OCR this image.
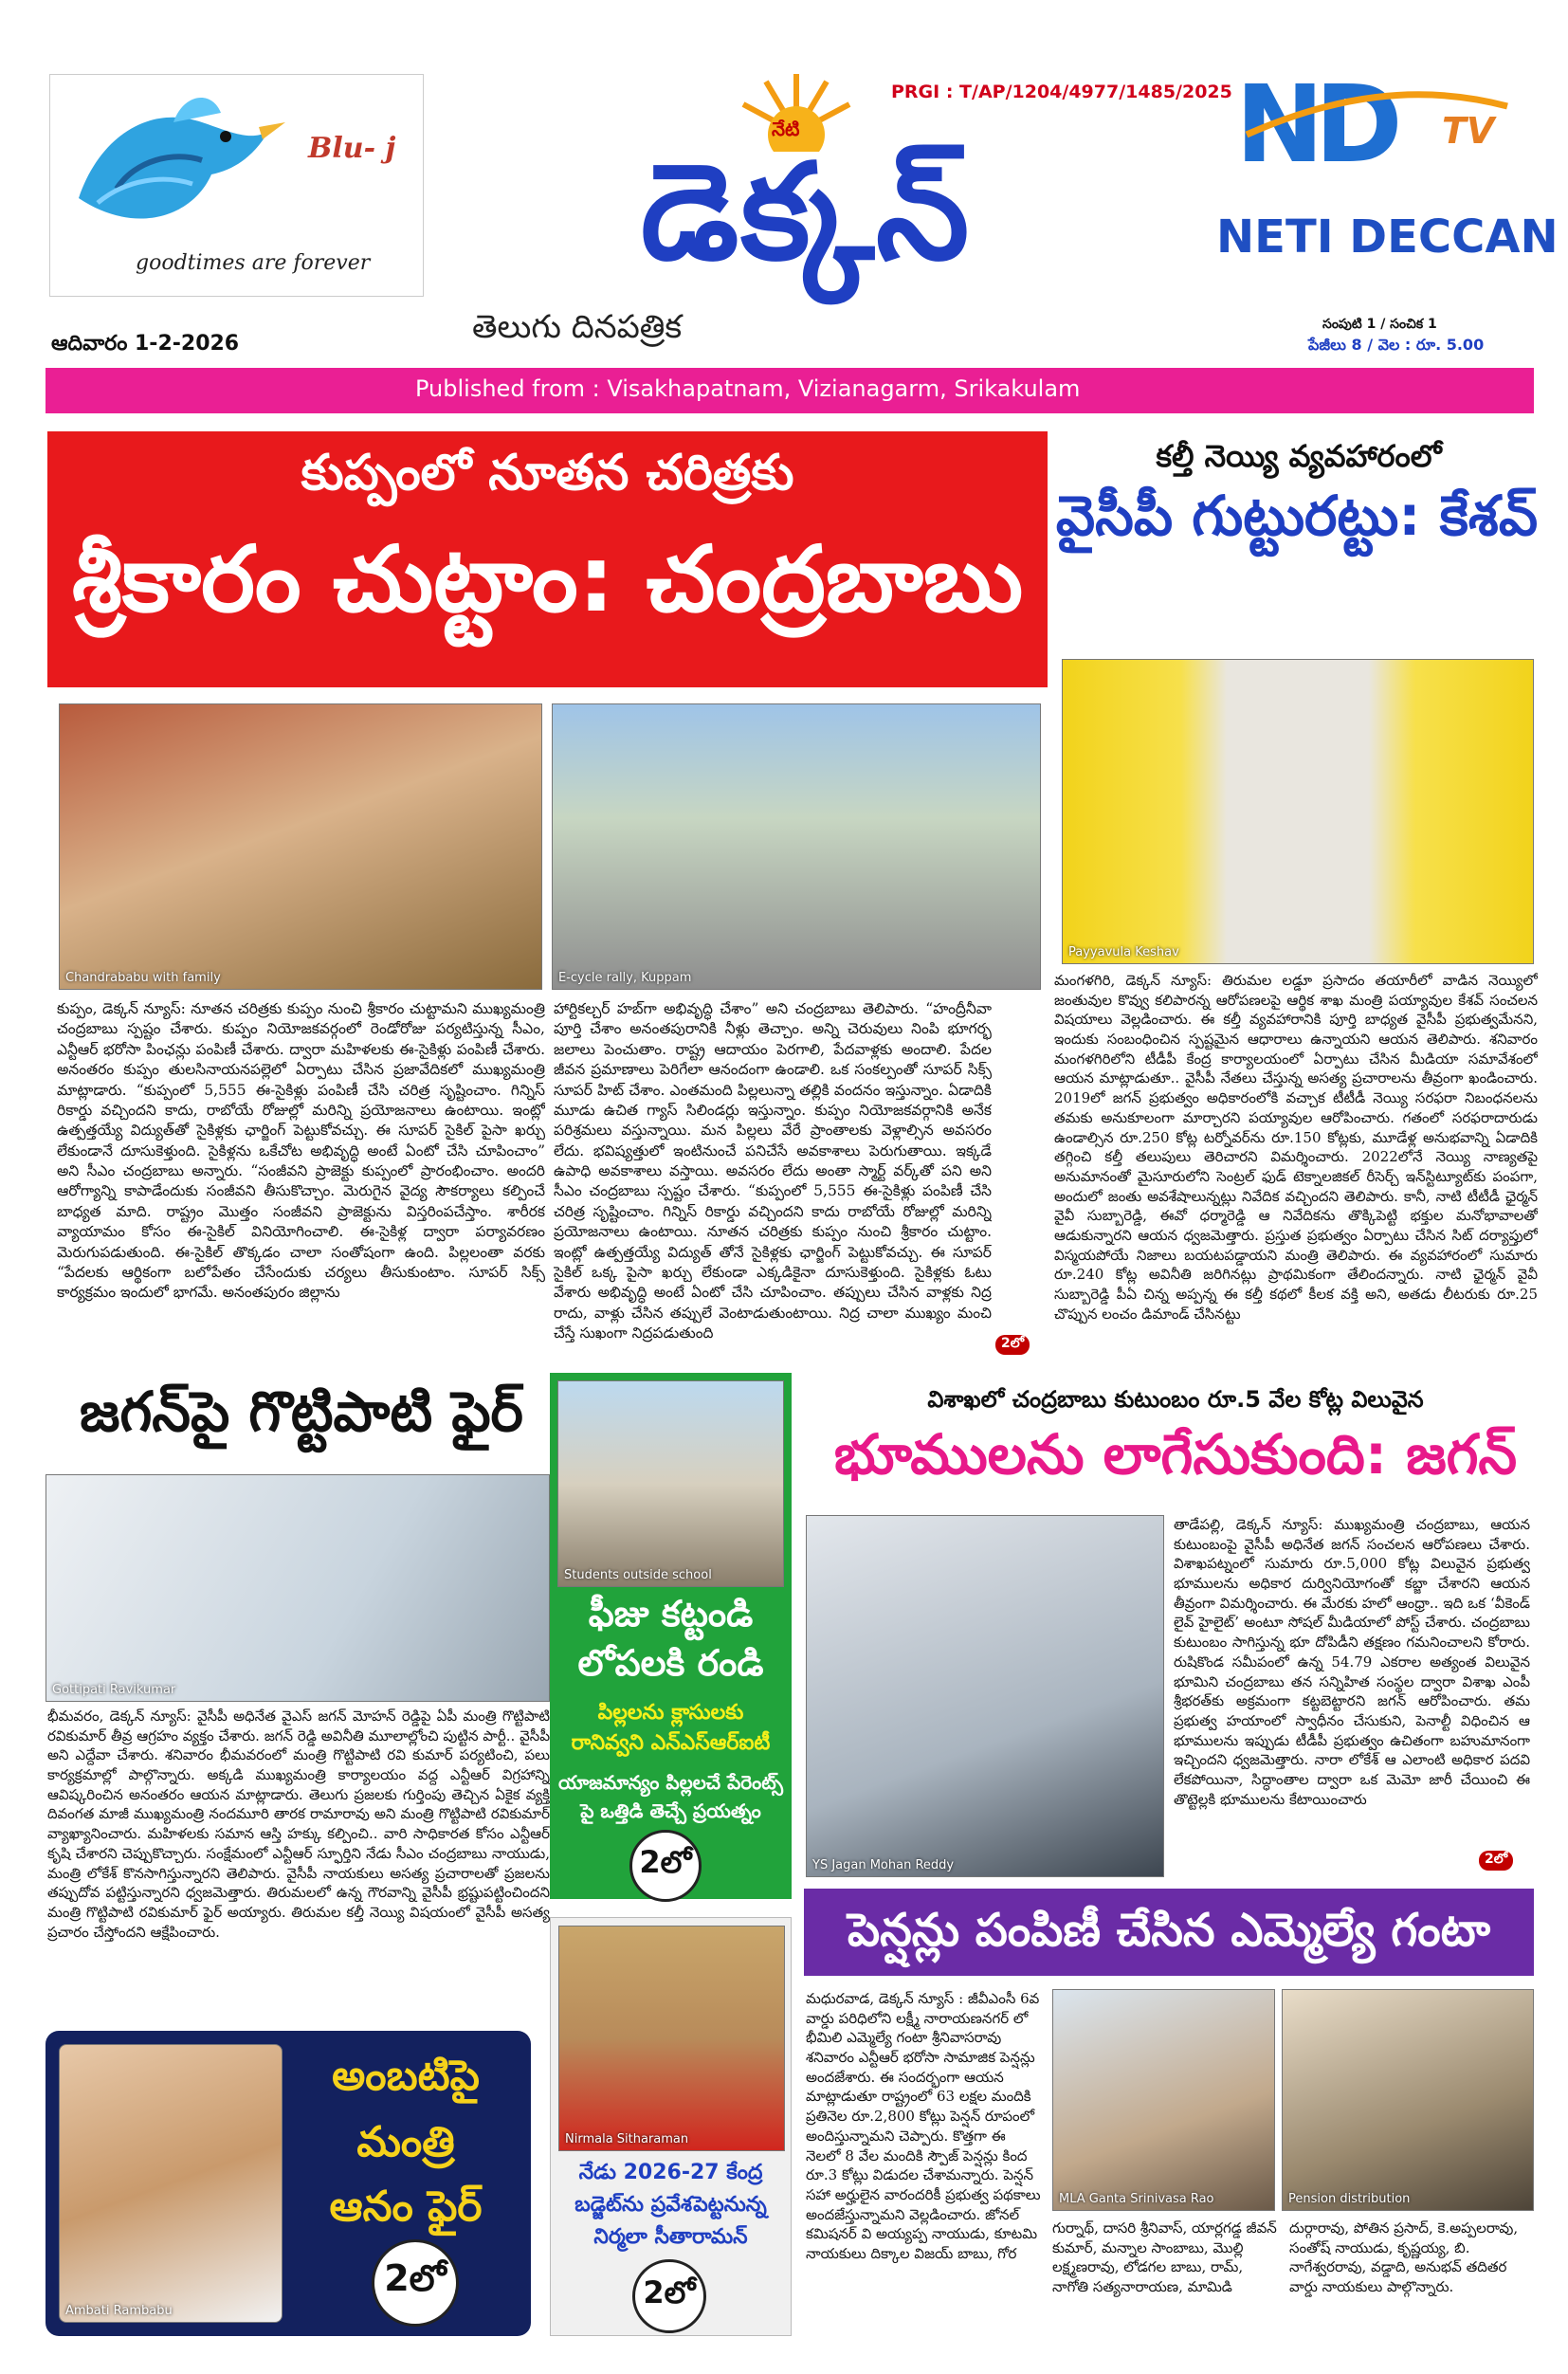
Blu- j
goodtimes are forever
నేటి
PRGI : T/AP/1204/4977/1485/2025
డెక్కన్
తెలుగు దినపత్రిక
ND TV
NETI DECCAN
ఆదివారం 1-2-2026
సంపుటి 1 / సంచిక 1
పేజీలు 8 / వెల : రూ. 5.00
Published from : Visakhapatnam, Vizianagarm, Srikakulam
కుప్పంలో నూతన చరిత్రకు
శ్రీకారం చుట్టాం: చంద్రబాబు
Chandrababu with family	E-cycle rally, Kuppam
కుప్పం, డెక్కన్ న్యూస్: నూతన చరిత్రకు కుప్పం నుంచి శ్రీకారం చుట్టామని ముఖ్యమంత్రి చంద్రబాబు స్పష్టం చేశారు. కుప్పం నియోజకవర్గంలో రెండోరోజు పర్యటిస్తున్న సీఎం, ఎన్టీఆర్ భరోసా పింఛన్లు పంపిణీ చేశారు. ద్వారా మహిళలకు ఈ-సైకిళ్లు పంపిణీ చేశారు. అనంతరం కుప్పం తులసినాయనపల్లెలో ఏర్పాటు చేసిన ప్రజావేదికలో ముఖ్యమంత్రి మాట్లాడారు. “కుప్పంలో 5,555 ఈ-సైకిళ్లు పంపిణీ చేసి చరిత్ర సృష్టించాం. గిన్నిస్ రికార్డు వచ్చిందని కాదు, రాబోయే రోజుల్లో మరిన్ని ప్రయోజనాలు ఉంటాయి. ఇంట్లో ఉత్పత్తయ్యే విద్యుత్‌తో సైకిళ్లకు ఛార్జింగ్ పెట్టుకోవచ్చు. ఈ సూపర్ సైకిల్ పైసా ఖర్చు లేకుండానే దూసుకెళ్తుంది. సైకిళ్లను ఒకేచోట అభివృద్ధి అంటే ఏంటో చేసి చూపించాం” అని సీఎం చంద్రబాబు అన్నారు. “సంజీవని ప్రాజెక్టు కుప్పంలో ప్రారంభించాం. అందరి ఆరోగ్యాన్ని కాపాడేందుకు సంజీవని తీసుకొచ్చాం. మెరుగైన వైద్య సౌకర్యాలు కల్పించే బాధ్యత మాది. రాష్ట్రం మొత్తం సంజీవని ప్రాజెక్టును విస్తరింపచేస్తాం. శారీరక వ్యాయామం కోసం ఈ-సైకిల్ వినియోగించాలి. ఈ-సైకిళ్ల ద్వారా పర్యావరణం మెరుగుపడుతుంది. ఈ-సైకిల్ తొక్కడం చాలా సంతోషంగా ఉంది. పిల్లలంతా వరకు “పేదలకు ఆర్థికంగా బలోపేతం చేసేందుకు చర్యలు తీసుకుంటాం. సూపర్ సిక్స్ కార్యక్రమం ఇందులో భాగమే. అనంతపురం జిల్లాను
హార్టికల్చర్ హబ్‌గా అభివృద్ధి చేశాం” అని చంద్రబాబు తెలిపారు. “హంద్రీనీవా పూర్తి చేశాం అనంతపురానికి నీళ్లు తెచ్చాం. అన్ని చెరువులు నింపి భూగర్భ జలాలు పెంచుతాం. రాష్ట్ర ఆదాయం పెరగాలి, పేదవాళ్లకు అందాలి. పేదల జీవన ప్రమాణాలు పెరిగేలా ఆనందంగా ఉండాలి. ఒక సంకల్పంతో సూపర్ సిక్స్ సూపర్ హిట్ చేశాం. ఎంతమంది పిల్లలున్నా తల్లికి వందనం ఇస్తున్నాం. ఏడాదికి మూడు ఉచిత గ్యాస్ సిలిండర్లు ఇస్తున్నాం. కుప్పం నియోజకవర్గానికి అనేక పరిశ్రమలు వస్తున్నాయి. మన పిల్లలు వేరే ప్రాంతాలకు వెళ్లాల్సిన అవసరం లేదు. భవిష్యత్తులో ఇంటినుంచే పనిచేసే అవకాశాలు పెరుగుతాయి. ఇక్కడే ఉపాధి అవకాశాలు వస్తాయి. అవసరం లేదు అంతా స్మార్ట్ వర్క్‌తో పని అని సీఎం చంద్రబాబు స్పష్టం చేశారు. “కుప్పంలో 5,555 ఈ-సైకిళ్లు పంపిణీ చేసి చరిత్ర సృష్టించాం. గిన్నిస్ రికార్డు వచ్చిందని కాదు రాబోయే రోజుల్లో మరిన్ని ప్రయోజనాలు ఉంటాయి. నూతన చరిత్రకు కుప్పం నుంచి శ్రీకారం చుట్టాం. ఇంట్లో ఉత్పత్తయ్యే విద్యుత్ తోనే సైకిళ్లకు ఛార్జింగ్ పెట్టుకోవచ్చు. ఈ సూపర్ సైకిల్ ఒక్క పైసా ఖర్చు లేకుండా ఎక్కడికైనా దూసుకెళ్తుంది. సైకిళ్లకు ఓటు వేశారు అభివృద్ధి అంటే ఏంటో చేసి చూపించాం. తప్పులు చేసిన వాళ్లకు నిద్ర రాదు, వాళ్లు చేసిన తప్పులే వెంటాడుతుంటాయి. నిద్ర చాలా ముఖ్యం మంచి చేస్తే సుఖంగా నిద్రపడుతుంది
2లో
కల్తీ నెయ్యి వ్యవహారంలో
వైసీపీ గుట్టురట్టు: కేశవ్
Payyavula Keshav
మంగళగిరి, డెక్కన్ న్యూస్: తిరుమల లడ్డూ ప్రసాదం తయారీలో వాడిన నెయ్యిలో జంతువుల కొవ్వు కలిపారన్న ఆరోపణలపై ఆర్థిక శాఖ మంత్రి పయ్యావుల కేశవ్ సంచలన విషయాలు వెల్లడించారు. ఈ కల్తీ వ్యవహారానికి పూర్తి బాధ్యత వైసీపీ ప్రభుత్వమేనని, ఇందుకు సంబంధించిన స్పష్టమైన ఆధారాలు ఉన్నాయని ఆయన తెలిపారు. శనివారం మంగళగిరిలోని టీడీపీ కేంద్ర కార్యాలయంలో ఏర్పాటు చేసిన మీడియా సమావేశంలో ఆయన మాట్లాడుతూ.. వైసీపీ నేతలు చేస్తున్న అసత్య ప్రచారాలను తీవ్రంగా ఖండించారు. 2019లో జగన్ ప్రభుత్వం అధికారంలోకి వచ్చాక టీటీడీ నెయ్యి సరఫరా నిబంధనలను తమకు అనుకూలంగా మార్చారని పయ్యావుల ఆరోపించారు. గతంలో సరఫరాదారుడు ఉండాల్సిన రూ.250 కోట్ల టర్నోవర్‌ను రూ.150 కోట్లకు, మూడేళ్ల అనుభవాన్ని ఏడాదికి తగ్గించి కల్తీ తలుపులు తెరిచారని విమర్శించారు. 2022లోనే నెయ్యి నాణ్యతపై అనుమానంతో మైసూరులోని సెంట్రల్ ఫుడ్ టెక్నాలజికల్ రీసెర్చ్ ఇన్‌స్టిట్యూట్‌కు పంపగా, అందులో జంతు అవశేషాలున్నట్లు నివేదిక వచ్చిందని తెలిపారు. కానీ, నాటి టీటీడీ ఛైర్మన్ వైవీ సుబ్బారెడ్డి, ఈవో ధర్మారెడ్డి ఆ నివేదికను తొక్కిపెట్టి భక్తుల మనోభావాలతో ఆడుకున్నారని ఆయన ధ్వజమెత్తారు. ప్రస్తుత ప్రభుత్వం ఏర్పాటు చేసిన సిట్ దర్యాప్తులో విస్మయపోయే నిజాలు బయటపడ్డాయని మంత్రి తెలిపారు. ఈ వ్యవహారంలో సుమారు రూ.240 కోట్ల అవినీతి జరిగినట్లు ప్రాథమికంగా తేలిందన్నారు. నాటి ఛైర్మన్ వైవీ సుబ్బారెడ్డి పీఏ చిన్న అప్పన్న ఈ కల్తీ కథలో కీలక వక్తి అని, అతడు లీటరుకు రూ.25 చొప్పున లంచం డిమాండ్ చేసినట్టు
జగన్‌పై గొట్టిపాటి ఫైర్
Gottipati Ravikumar
భీమవరం, డెక్కన్ న్యూస్: వైసీపీ అధినేత వైఎస్ జగన్ మోహన్ రెడ్డిపై ఏపీ మంత్రి గొట్టిపాటి రవికుమార్ తీవ్ర ఆగ్రహం వ్యక్తం చేశారు. జగన్ రెడ్డి అవినీతి మూలాల్లోంచి పుట్టిన పార్టీ.. వైసీపీ అని ఎద్దేవా చేశారు. శనివారం భీమవరంలో మంత్రి గొట్టిపాటి రవి కుమార్ పర్యటించి, పలు కార్యక్రమాల్లో పాల్గొన్నారు. అక్కడి ముఖ్యమంత్రి కార్యాలయం వద్ద ఎన్టీఆర్ విగ్రహాన్ని ఆవిష్కరించిన అనంతరం ఆయన మాట్లాడారు. తెలుగు ప్రజలకు గుర్తింపు తెచ్చిన ఏకైక వ్యక్తి దివంగత మాజీ ముఖ్యమంత్రి నందమూరి తారక రామారావు అని మంత్రి గొట్టిపాటి రవికుమార్ వ్యాఖ్యానించారు. మహిళలకు సమాన ఆస్తి హక్కు కల్పించి.. వారి సాధికారత కోసం ఎన్టీఆర్ కృషి చేశారని చెప్పుకొచ్చారు. సంక్షేమంలో ఎన్టీఆర్ స్ఫూర్తిని నేడు సీఎం చంద్రబాబు నాయుడు, మంత్రి లోకేశ్ కొనసాగిస్తున్నారని తెలిపారు. వైసీపీ నాయకులు అసత్య ప్రచారాలతో ప్రజలను తప్పుదోవ పట్టిస్తున్నారని ధ్వజమెత్తారు. తిరుమలలో ఉన్న గౌరవాన్ని వైసీపీ భ్రష్టుపట్టించిందని మంత్రి గొట్టిపాటి రవికుమార్ ఫైర్ అయ్యారు. తిరుమల కల్తీ నెయ్యి విషయంలో వైసీపీ అసత్య ప్రచారం చేస్తోందని ఆక్షేపించారు.
Ambati Rambabu
అంబటిపై
మంత్రి
ఆనం ఫైర్
2లో
Students outside school
ఫీజు కట్టండి
లోపలకి రండి
పిల్లలను క్లాసులకు
రానివ్వని ఎన్ఎస్ఆర్ఐటీ
యాజమాన్యం పిల్లలచే పేరెంట్స్
పై ఒత్తిడి తెచ్చే ప్రయత్నం
2లో
Nirmala Sitharaman
నేడు 2026-27 కేంద్ర
బడ్జెట్‌ను ప్రవేశపెట్టనున్న
నిర్మలా సీతారామన్
2లో
విశాఖలో చంద్రబాబు కుటుంబం రూ.5 వేల కోట్ల విలువైన
భూములను లాగేసుకుంది: జగన్
YS Jagan Mohan Reddy
తాడేపల్లి, డెక్కన్ న్యూస్: ముఖ్యమంత్రి చంద్రబాబు, ఆయన కుటుంబంపై వైసీపీ అధినేత జగన్ సంచలన ఆరోపణలు చేశారు. విశాఖపట్నంలో సుమారు రూ.5,000 కోట్ల విలువైన ప్రభుత్వ భూములను అధికార దుర్వినియోగంతో కబ్జా చేశారని ఆయన తీవ్రంగా విమర్శించారు. ఈ మేరకు హలో ఆంధ్రా.. ఇది ఒక ‘వీకెండ్ లైవ్ హైలైట్’ అంటూ సోషల్ మీడియాలో పోస్ట్ చేశారు. చంద్రబాబు కుటుంబం సాగిస్తున్న భూ దోపిడీని తక్షణం గమనించాలని కోరారు. రుషికొండ సమీపంలో ఉన్న 54.79 ఎకరాల అత్యంత విలువైన భూమిని చంద్రబాబు తన సన్నిహిత సంస్థల ద్వారా విశాఖ ఎంపీ శ్రీభరత్‌కు అక్రమంగా కట్టబెట్టారని జగన్ ఆరోపించారు. తమ ప్రభుత్వ హయాంలో స్వాధీనం చేసుకుని, పెనాల్టీ విధించిన ఆ భూములను ఇప్పుడు టీడీపీ ప్రభుత్వం ఉచితంగా బహుమానంగా ఇచ్చిందని ధ్వజమెత్తారు. నారా లోకేశ్ ఆ ఎలాంటి అధికార పదవి లేకపోయినా, సిద్ధాంతాల ద్వారా ఒక మెమో జారీ చేయించి ఈ తొట్టెల్లకి భూములను కేటాయించారు
2లో
పెన్షన్లు పంపిణీ చేసిన ఎమ్మెల్యే గంటా
మధురవాడ, డెక్కన్ న్యూస్ : జీవీఎంసీ 6వ వార్డు పరిధిలోని లక్ష్మీ నారాయణనగర్ లో భీమిలి ఎమ్మెల్యే గంటా శ్రీనివాసరావు శనివారం ఎన్టీఆర్ భరోసా సామాజిక పెన్షన్లు అందజేశారు. ఈ సందర్భంగా ఆయన మాట్లాడుతూ రాష్ట్రంలో 63 లక్షల మందికి ప్రతినెల రూ.2,800 కోట్లు పెన్షన్ రూపంలో అందిస్తున్నామని చెప్పారు. కొత్తగా ఈ నెలలో 8 వేల మందికి స్పౌజ్ పెన్షన్లు కింద రూ.3 కోట్లు విడుదల చేశామన్నారు. పెన్షన్ సహా అర్హులైన వారందరికీ ప్రభుత్వ పథకాలు అందజేస్తున్నామని వెల్లడించారు. జోనల్ కమిషనర్ వి అయ్యప్ప నాయుడు, కూటమి నాయకులు దిక్కాల విజయ్ బాబు, గోర
MLA Ganta Srinivasa Rao	Pension distribution
గుర్నాథ్, దాసరి శ్రీనివాస్, యార్లగడ్డ జీవన్ కుమార్, మన్నాల సాంబాబు, మొల్లి లక్ష్మణరావు, లోడగల బాబు, రామ్, నాగోతి సత్యనారాయణ, మామిడి
దుర్గారావు, పోతిన ప్రసాద్, కె.అప్పలరావు, సంతోష్ నాయుడు, కృష్ణయ్య, బి. నాగేశ్వరరావు, వడ్డాది, అనుభవ్ తదితర వార్డు నాయకులు పాల్గొన్నారు.
